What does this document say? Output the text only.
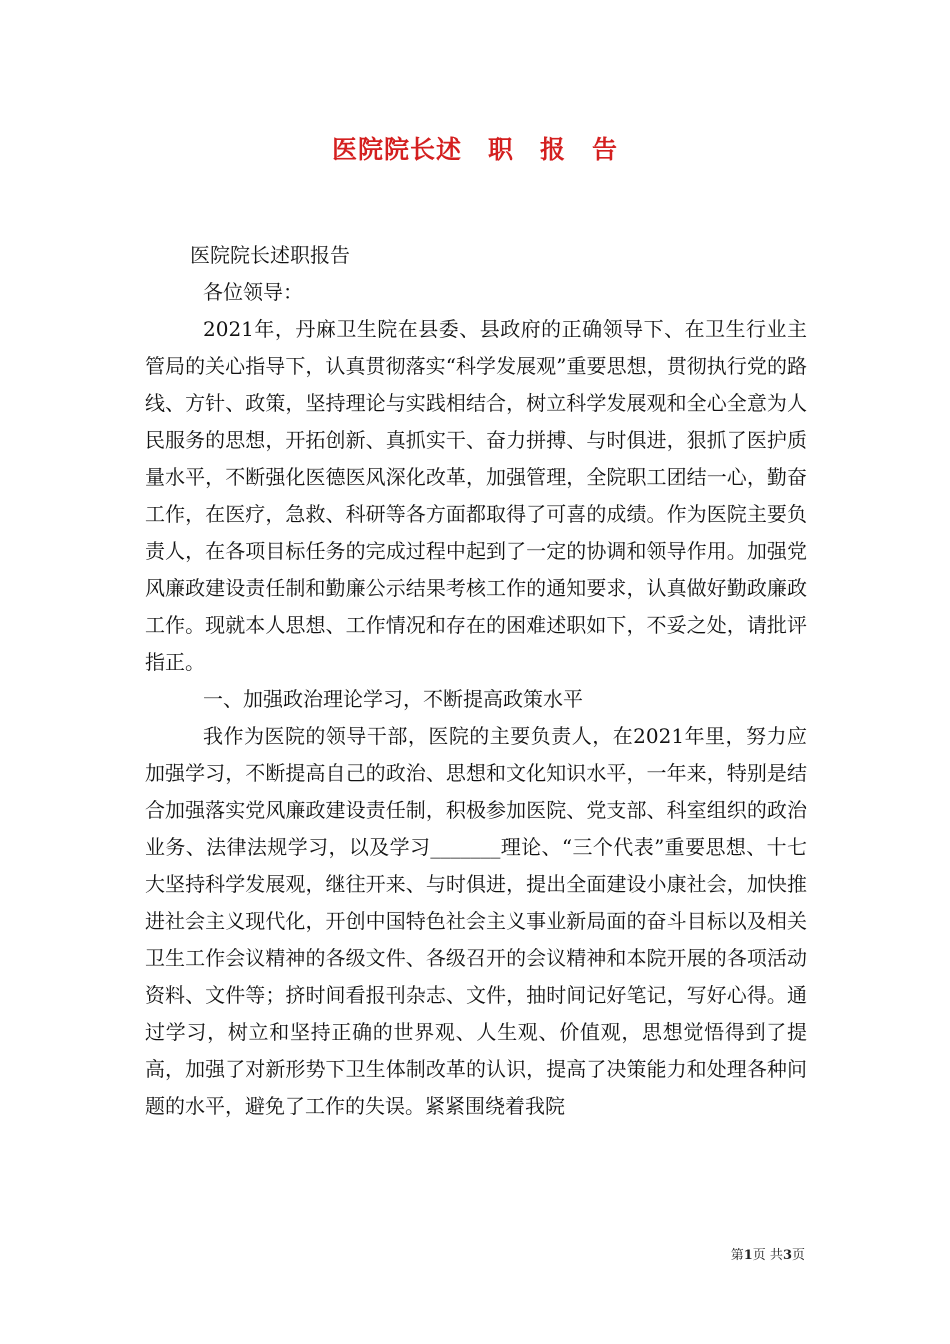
医院院长述　职　报　告

医院院长述职报告

各位领导：

2021年，丹麻卫生院在县委、县政府的正确领导下、在卫生行业主管局的关心指导下，认真贯彻落实“科学发展观”重要思想，贯彻执行党的路线、方针、政策，坚持理论与实践相结合，树立科学发展观和全心全意为人民服务的思想，开拓创新、真抓实干、奋力拼搏、与时俱进，狠抓了医护质量水平，不断强化医德医风深化改革，加强管理，全院职工团结一心，勤奋工作，在医疗，急救、科研等各方面都取得了可喜的成绩。作为医院主要负责人，在各项目标任务的完成过程中起到了一定的协调和领导作用。加强党风廉政建设责任制和勤廉公示结果考核工作的通知要求，认真做好勤政廉政工作。现就本人思想、工作情况和存在的困难述职如下，不妥之处，请批评指正。

一、加强政治理论学习，不断提高政策水平

我作为医院的领导干部，医院的主要负责人，在2021年里，努力应加强学习，不断提高自己的政治、思想和文化知识水平，一年来，特别是结合加强落实党风廉政建设责任制，积极参加医院、党支部、科室组织的政治业务、法律法规学习，以及学习_______理论、“三个代表”重要思想、十七大坚持科学发展观，继往开来、与时俱进，提出全面建设小康社会，加快推进社会主义现代化，开创中国特色社会主义事业新局面的奋斗目标以及相关卫生工作会议精神的各级文件、各级召开的会议精神和本院开展的各项活动资料、文件等；挤时间看报刊杂志、文件，抽时间记好笔记，写好心得。通过学习，树立和坚持正确的世界观、人生观、价值观，思想觉悟得到了提高，加强了对新形势下卫生体制改革的认识，提高了决策能力和处理各种问题的水平，避免了工作的失误。紧紧围绕着我院

第1页 共3页
